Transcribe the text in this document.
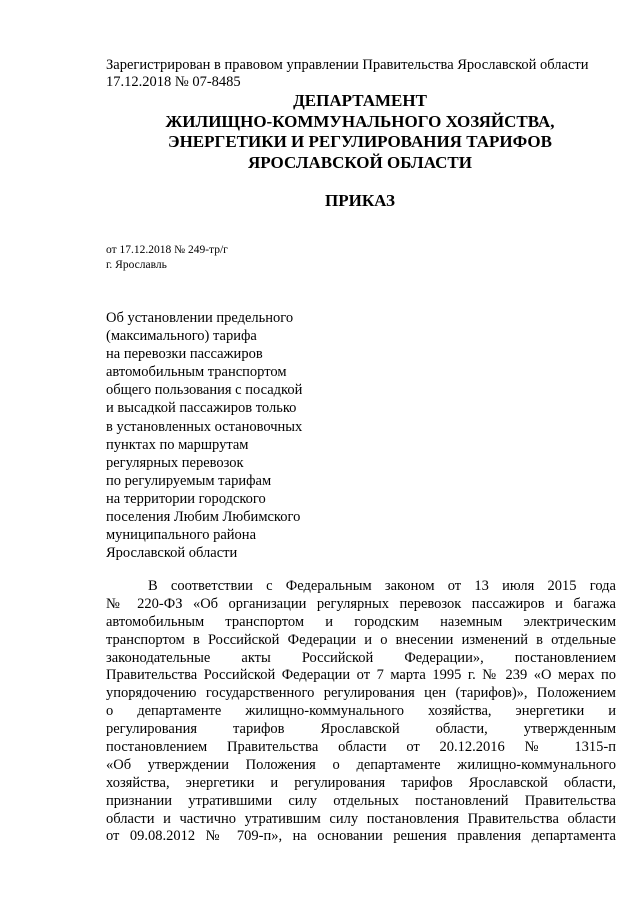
Зарегистрирован в правовом управлении Правительства Ярославской области
17.12.2018 № 07-8485
ДЕПАРТАМЕНТ
ЖИЛИЩНО-КОММУНАЛЬНОГО ХОЗЯЙСТВА,
ЭНЕРГЕТИКИ И РЕГУЛИРОВАНИЯ ТАРИФОВ
ЯРОСЛАВСКОЙ ОБЛАСТИ
ПРИКАЗ
от 17.12.2018 № 249-тр/г
г. Ярославль
Об установлении предельного
(максимального) тарифа
на перевозки пассажиров
автомобильным транспортом
общего пользования с посадкой
и высадкой пассажиров только
в установленных остановочных
пунктах по маршрутам
регулярных перевозок
по регулируемым тарифам
на территории городского
поселения Любим Любимского
муниципального района
Ярославской области
В соответствии с Федеральным законом от 13 июля 2015 года
№ 220-ФЗ «Об организации регулярных перевозок пассажиров и багажа
автомобильным транспортом и городским наземным электрическим
транспортом в Российской Федерации и о внесении изменений в отдельные
законодательные акты Российской Федерации», постановлением
Правительства Российской Федерации от 7 марта 1995 г. № 239 «О мерах по
упорядочению государственного регулирования цен (тарифов)», Положением
о департаменте жилищно-коммунального хозяйства, энергетики и
регулирования тарифов Ярославской области, утвержденным
постановлением Правительства области от 20.12.2016 № 1315-п
«Об утверждении Положения о департаменте жилищно-коммунального
хозяйства, энергетики и регулирования тарифов Ярославской области,
признании утратившими силу отдельных постановлений Правительства
области и частично утратившим силу постановления Правительства области
от 09.08.2012 № 709-п», на основании решения правления департамента
